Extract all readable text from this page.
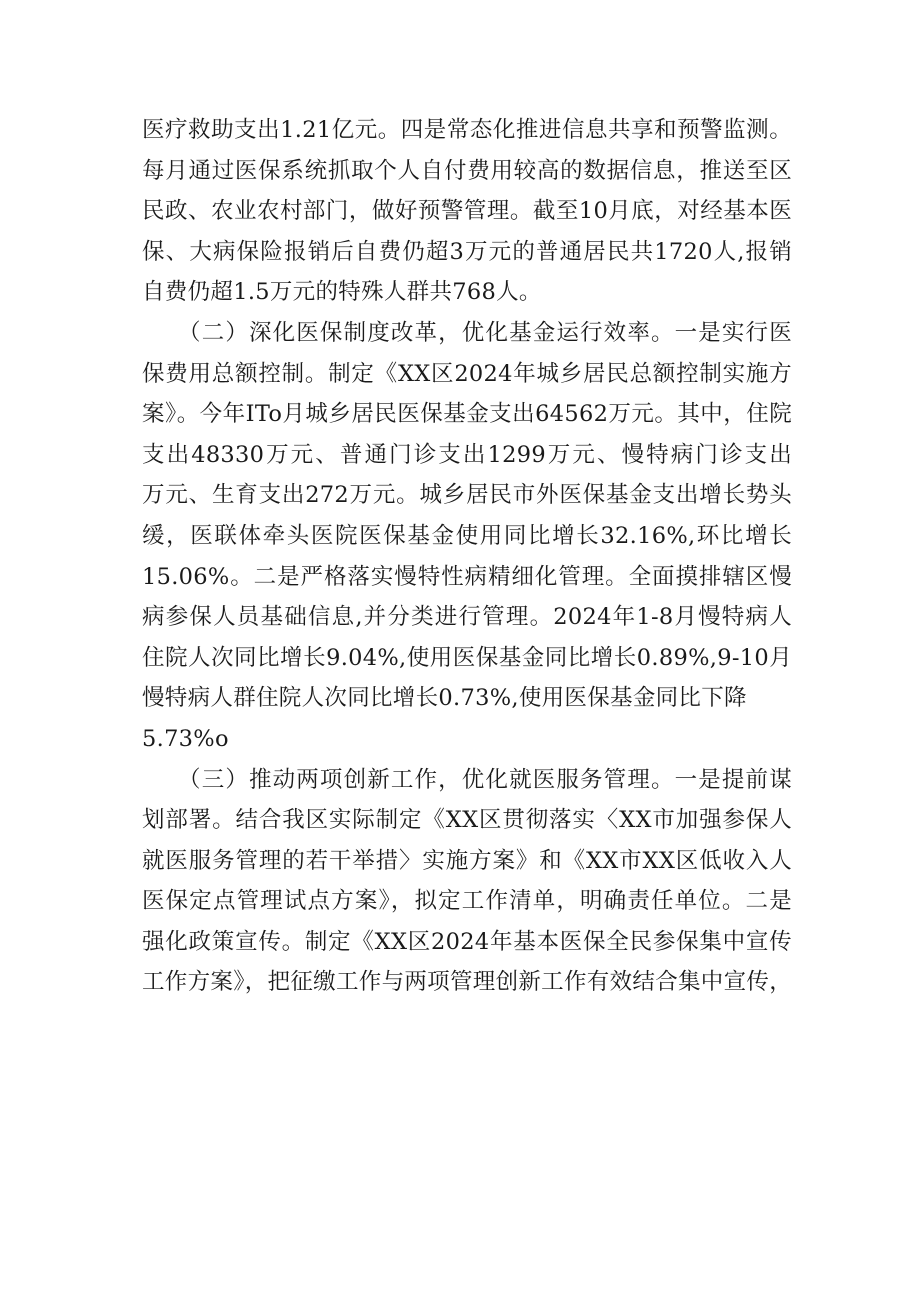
医疗救助支出1.21亿元。四是常态化推进信息共享和预警监测。
每月通过医保系统抓取个人自付费用较高的数据信息，推送至区
民政、农业农村部门，做好预警管理。截至10月底，对经基本医
保、大病保险报销后自费仍超3万元的普通居民共1720人,报销
自费仍超1.5万元的特殊人群共768人。
　　（二）深化医保制度改革，优化基金运行效率。一是实行医
保费用总额控制。制定《XX区2024年城乡居民总额控制实施方
案》。今年ITo月城乡居民医保基金支出64562万元。其中，住院
支出48330万元、普通门诊支出1299万元、慢特病门诊支出
万元、生育支出272万元。城乡居民市外医保基金支出增长势头
缓，医联体牵头医院医保基金使用同比增长32.16%,环比增长
15.06%。二是严格落实慢特性病精细化管理。全面摸排辖区慢
病参保人员基础信息,并分类进行管理。2024年1-8月慢特病人
住院人次同比增长9.04%,使用医保基金同比增长0.89%,9-10月
慢特病人群住院人次同比增长0.73%,使用医保基金同比下降
5.73%o
　　（三）推动两项创新工作，优化就医服务管理。一是提前谋
划部署。结合我区实际制定《XX区贯彻落实〈XX市加强参保人
就医服务管理的若干举措〉实施方案》和《XX市XX区低收入人
医保定点管理试点方案》，拟定工作清单，明确责任单位。二是
强化政策宣传。制定《XX区2024年基本医保全民参保集中宣传
工作方案》，把征缴工作与两项管理创新工作有效结合集中宣传，
